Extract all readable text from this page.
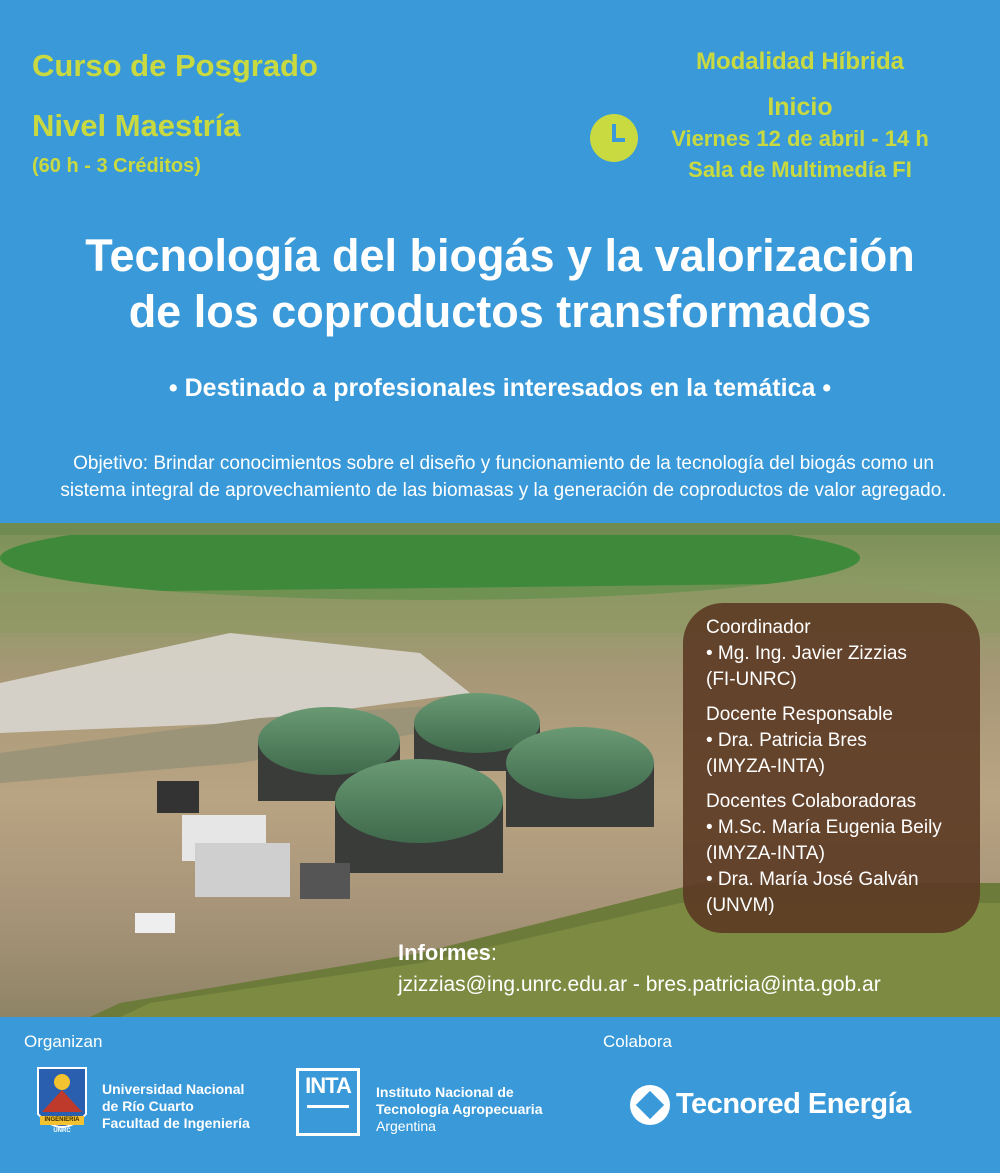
Curso de Posgrado
Nivel Maestría
(60 h - 3 Créditos)
Modalidad Híbrida
Inicio
Viernes 12 de abril - 14 h
Sala de Multimedía FI
Tecnología del biogás y la valorización
de los coproductos transformados
• Destinado a profesionales interesados en la temática •
Objetivo: Brindar conocimientos sobre el diseño y funcionamiento de la tecnología del biogás como un
sistema integral de aprovechamiento de las biomasas y la generación de coproductos de valor agregado.
Coordinador
• Mg. Ing. Javier Zizzias
(FI-UNRC)
Docente Responsable
• Dra. Patricia Bres
(IMYZA-INTA)
Docentes Colaboradoras
• M.Sc. María Eugenia Beily
(IMYZA-INTA)
• Dra. María José Galván
(UNVM)
Informes:
jzizzias@ing.unrc.edu.ar - bres.patricia@inta.gob.ar
Organizan	Colabora
INGENIERIA
UNRC
Universidad Nacional
de Río Cuarto
Facultad de Ingeniería
INTA	Instituto Nacional de
Tecnología Agropecuaria
Argentina
Tecnored Energía
